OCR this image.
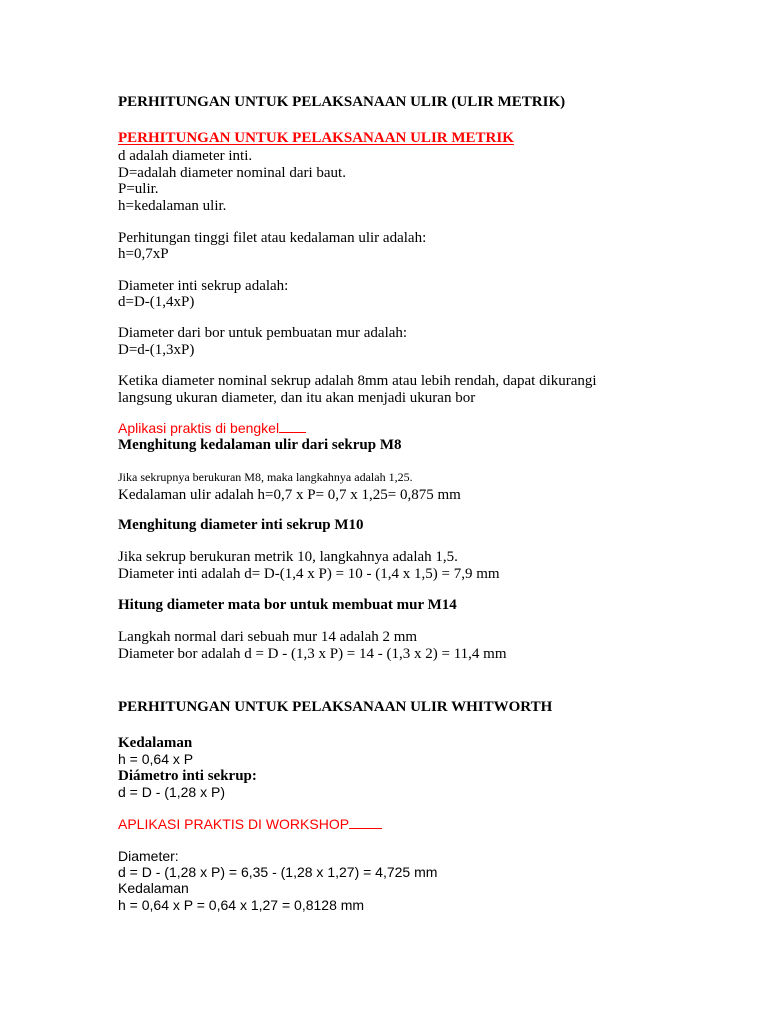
PERHITUNGAN UNTUK PELAKSANAAN ULIR (ULIR METRIK)
PERHITUNGAN UNTUK PELAKSANAAN ULIR METRIK
d adalah diameter inti.
D=adalah diameter nominal dari baut.
P=ulir.
h=kedalaman ulir.
Perhitungan tinggi filet atau kedalaman ulir adalah:
h=0,7xP
Diameter inti sekrup adalah:
d=D-(1,4xP)
Diameter dari bor untuk pembuatan mur adalah:
D=d-(1,3xP)
Ketika diameter nominal sekrup adalah 8mm atau lebih rendah, dapat dikurangi
langsung ukuran diameter, dan itu akan menjadi ukuran bor
Aplikasi praktis di bengkel
Menghitung kedalaman ulir dari sekrup M8
Jika sekrupnya berukuran M8, maka langkahnya adalah 1,25.
Kedalaman ulir adalah h=0,7 x P= 0,7 x 1,25= 0,875 mm
Menghitung diameter inti sekrup M10
Jika sekrup berukuran metrik 10, langkahnya adalah 1,5.
Diameter inti adalah d= D-(1,4 x P) = 10 - (1,4 x 1,5) = 7,9 mm
Hitung diameter mata bor untuk membuat mur M14
Langkah normal dari sebuah mur 14 adalah 2 mm
Diameter bor adalah d = D - (1,3 x P) = 14 - (1,3 x 2) = 11,4 mm
PERHITUNGAN UNTUK PELAKSANAAN ULIR WHITWORTH
Kedalaman
h = 0,64 x P
Diámetro inti sekrup:
d = D - (1,28 x P)
APLIKASI PRAKTIS DI WORKSHOP
Diameter:
d = D - (1,28 x P) = 6,35 - (1,28 x 1,27) = 4,725 mm
Kedalaman
h = 0,64 x P = 0,64 x 1,27 = 0,8128 mm
